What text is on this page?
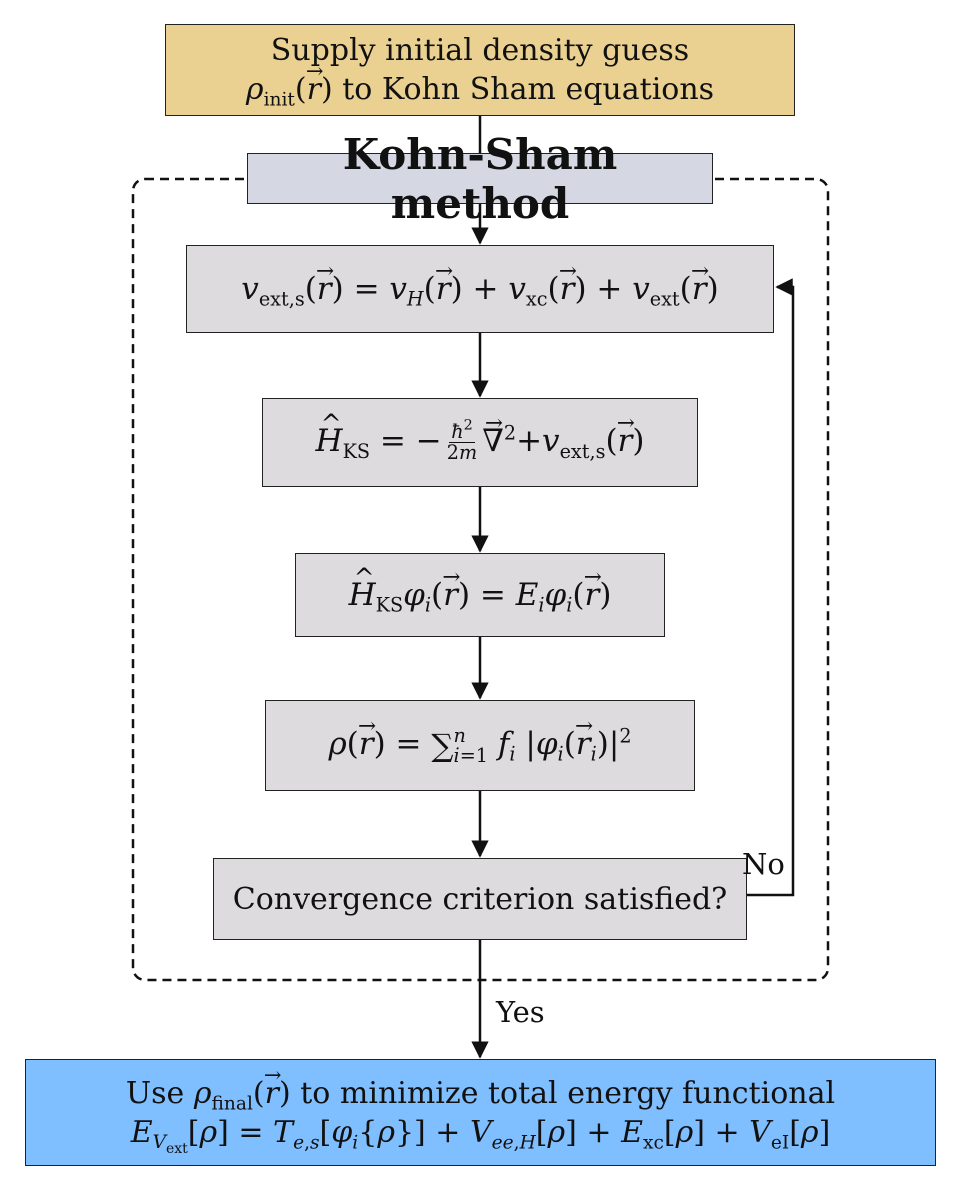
Supply initial density guess
$\rho_{init}(\to r)$ to Kohn Sham equations
Kohn-Sham method
$v_{ext,s}(\to r) = v_H(\to r) + v_{xc}(\to r) + v_{ext}(\to r)$
^ $H_{KS}$ = − $\frac{ħ^2}{2m}$
→ $\nabla^2+v_{ext,s}(\to r)$
^ $H_{KS}\varphi_i(\to r) = E_i\varphi_i(\to r)$
ρ(→ r) = ∑ n
i=1 $f_i$ $|\varphi_i(\to r_i)|^2$
Convergence criterion satisfied?
No
Yes
Use $\rho_{final}(\to r)$ to minimize total energy functional
$E_{V_{ext}}[\rho] = T_{e,s}[\varphi_i\{\rho\}] + V_{ee,H}[\rho] + E_{xc}[\rho] + V_{eI}[\rho]$
